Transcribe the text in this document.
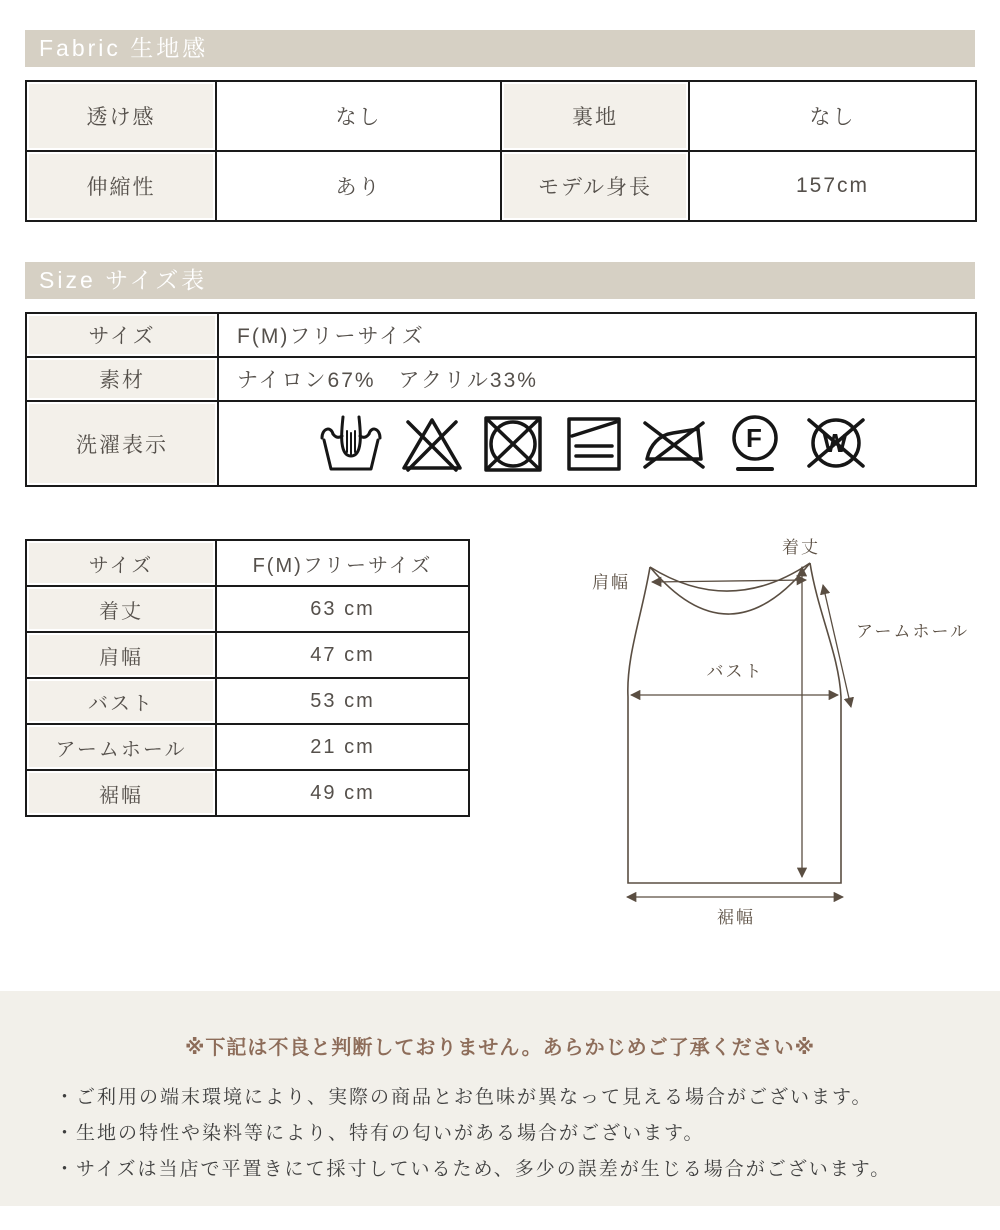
Fabric 生地感
透け感	なし	裏地	なし
伸縮性	あり	モデル身長	157cm
Size サイズ表
サイズ	F(M)フリーサイズ
素材	ナイロン67%　アクリル33%
洗濯表示	F
W
サイズ	F(M)フリーサイズ
着丈	63 cm
肩幅	47 cm
バスト	53 cm
アームホール	21 cm
裾幅	49 cm
肩幅
着丈
アームホール
バスト
裾幅
※下記は不良と判断しておりません。あらかじめご了承ください※
・ご利用の端末環境により、実際の商品とお色味が異なって見える場合がございます。
・生地の特性や染料等により、特有の匂いがある場合がございます。
・サイズは当店で平置きにて採寸しているため、多少の誤差が生じる場合がございます。
